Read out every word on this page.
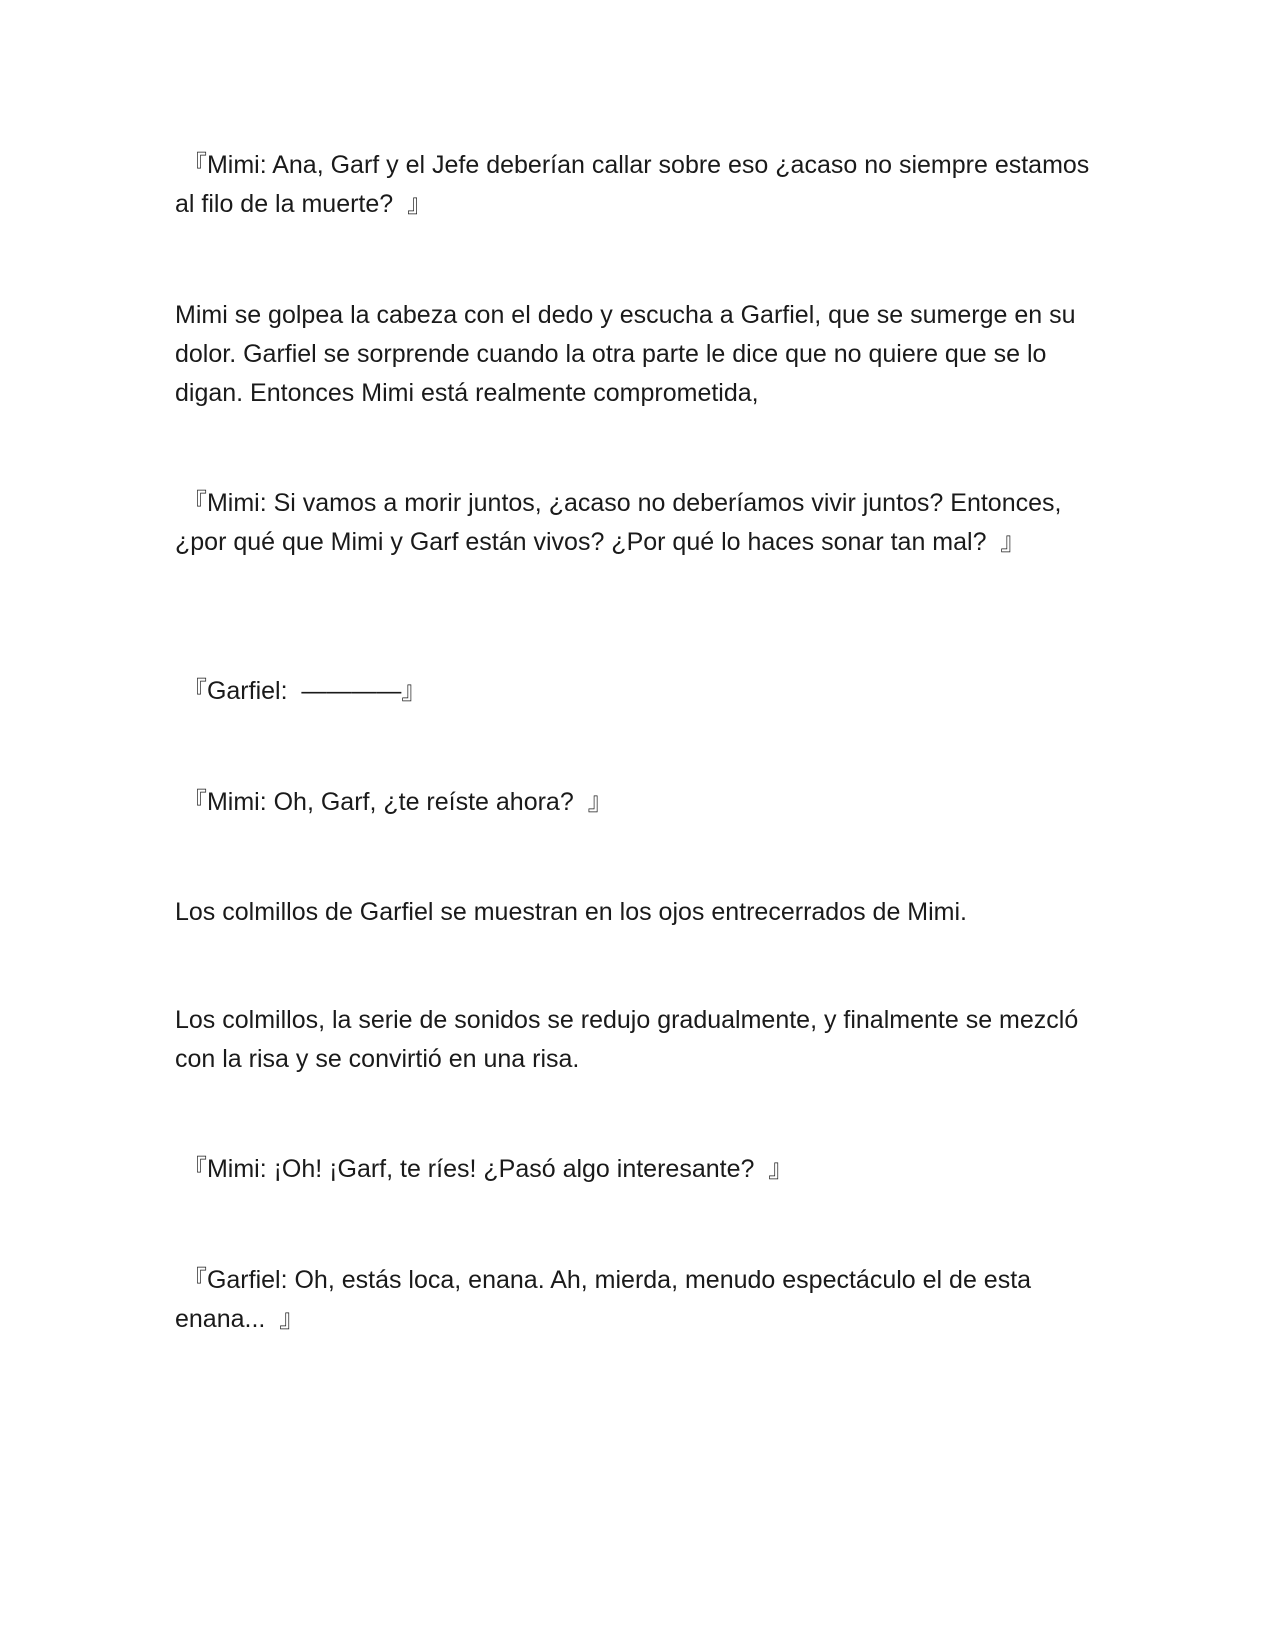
『Mimi: Ana, Garf y el Jefe deberían callar sobre eso ¿acaso no siempre estamos al filo de la muerte?  』

Mimi se golpea la cabeza con el dedo y escucha a Garfiel, que se sumerge en su dolor. Garfiel se sorprende cuando la otra parte le dice que no quiere que se lo digan. Entonces Mimi está realmente comprometida,

『Mimi: Si vamos a morir juntos, ¿acaso no deberíamos vivir juntos? Entonces, ¿por qué que Mimi y Garf están vivos? ¿Por qué lo haces sonar tan mal?  』

『Garfiel:  ————』

『Mimi: Oh, Garf, ¿te reíste ahora?  』

Los colmillos de Garfiel se muestran en los ojos entrecerrados de Mimi.

Los colmillos, la serie de sonidos se redujo gradualmente, y finalmente se mezcló con la risa y se convirtió en una risa.

『Mimi: ¡Oh! ¡Garf, te ríes! ¿Pasó algo interesante?  』

『Garfiel: Oh, estás loca, enana. Ah, mierda, menudo espectáculo el de esta enana...  』
